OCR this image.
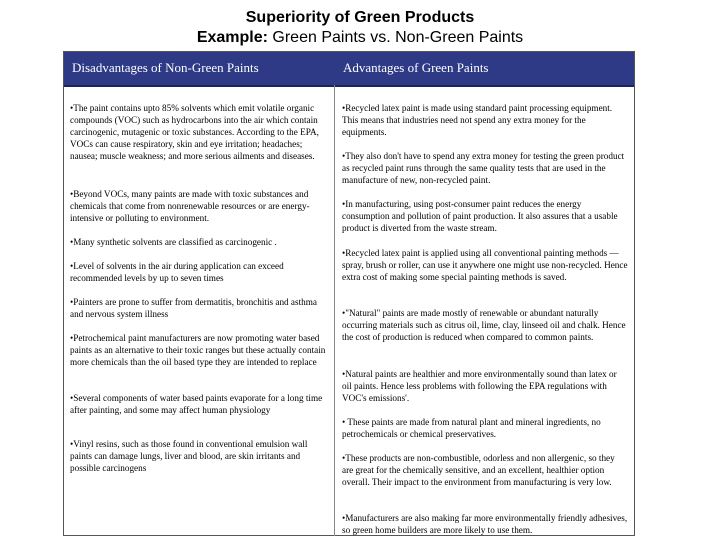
Superiority of Green Products
Example: Green Paints vs. Non-Green Paints
Disadvantages of Non-Green Paints	Advantages of Green Paints
•The paint contains upto 85% solvents which emit volatile organic compounds (VOC) such as hydrocarbons into the air which contain carcinogenic, mutagenic or toxic substances. According to the EPA, VOCs can cause respiratory, skin and eye irritation; headaches; nausea; muscle weakness; and more serious ailments and diseases.
•Beyond VOCs, many paints are made with toxic substances and chemicals that come from nonrenewable resources or are energy-intensive or polluting to environment.
•Many synthetic solvents are classified as carcinogenic .
•Level of solvents in the air during application can exceed recommended levels by up to seven times
•Painters are prone to suffer from dermatitis, bronchitis and asthma and nervous system illness
•Petrochemical paint manufacturers are now promoting water based paints as an alternative to their toxic ranges but these actually contain more chemicals than the oil based type they are intended to replace
•Several components of water based paints evaporate for a long time after painting, and some may affect human physiology
•Vinyl resins, such as those found in conventional emulsion wall paints can damage lungs, liver and blood, are skin irritants and possible carcinogens
•Recycled latex paint is made using standard paint processing equipment. This means that industries need not spend any extra money for the equipments.
•They also don't have to spend any extra money for testing the green product as recycled paint runs through the same quality tests that are used in the manufacture of new, non-recycled paint.
•In manufacturing, using post-consumer paint reduces the energy consumption and pollution of paint production. It also assures that a usable product is diverted from the waste stream.
•Recycled latex paint is applied using all conventional painting methods — spray, brush or roller, can use it anywhere one might use non-recycled. Hence extra cost of making some special painting methods is saved.
•"Natural" paints are made mostly of renewable or abundant naturally occurring materials such as citrus oil, lime, clay, linseed oil and chalk. Hence the cost of production is reduced when compared to common paints.
•Natural paints are healthier and more environmentally sound than latex or oil paints. Hence less problems with following the EPA regulations with VOC's emissions'.
• These paints are made from natural plant and mineral ingredients, no petrochemicals or chemical preservatives.
•These products are non-combustible, odorless and non allergenic, so they are great for the chemically sensitive, and an excellent, healthier option overall. Their impact to the environment from manufacturing is very low.
•Manufacturers are also making far more environmentally friendly adhesives, so green home builders are more likely to use them.
